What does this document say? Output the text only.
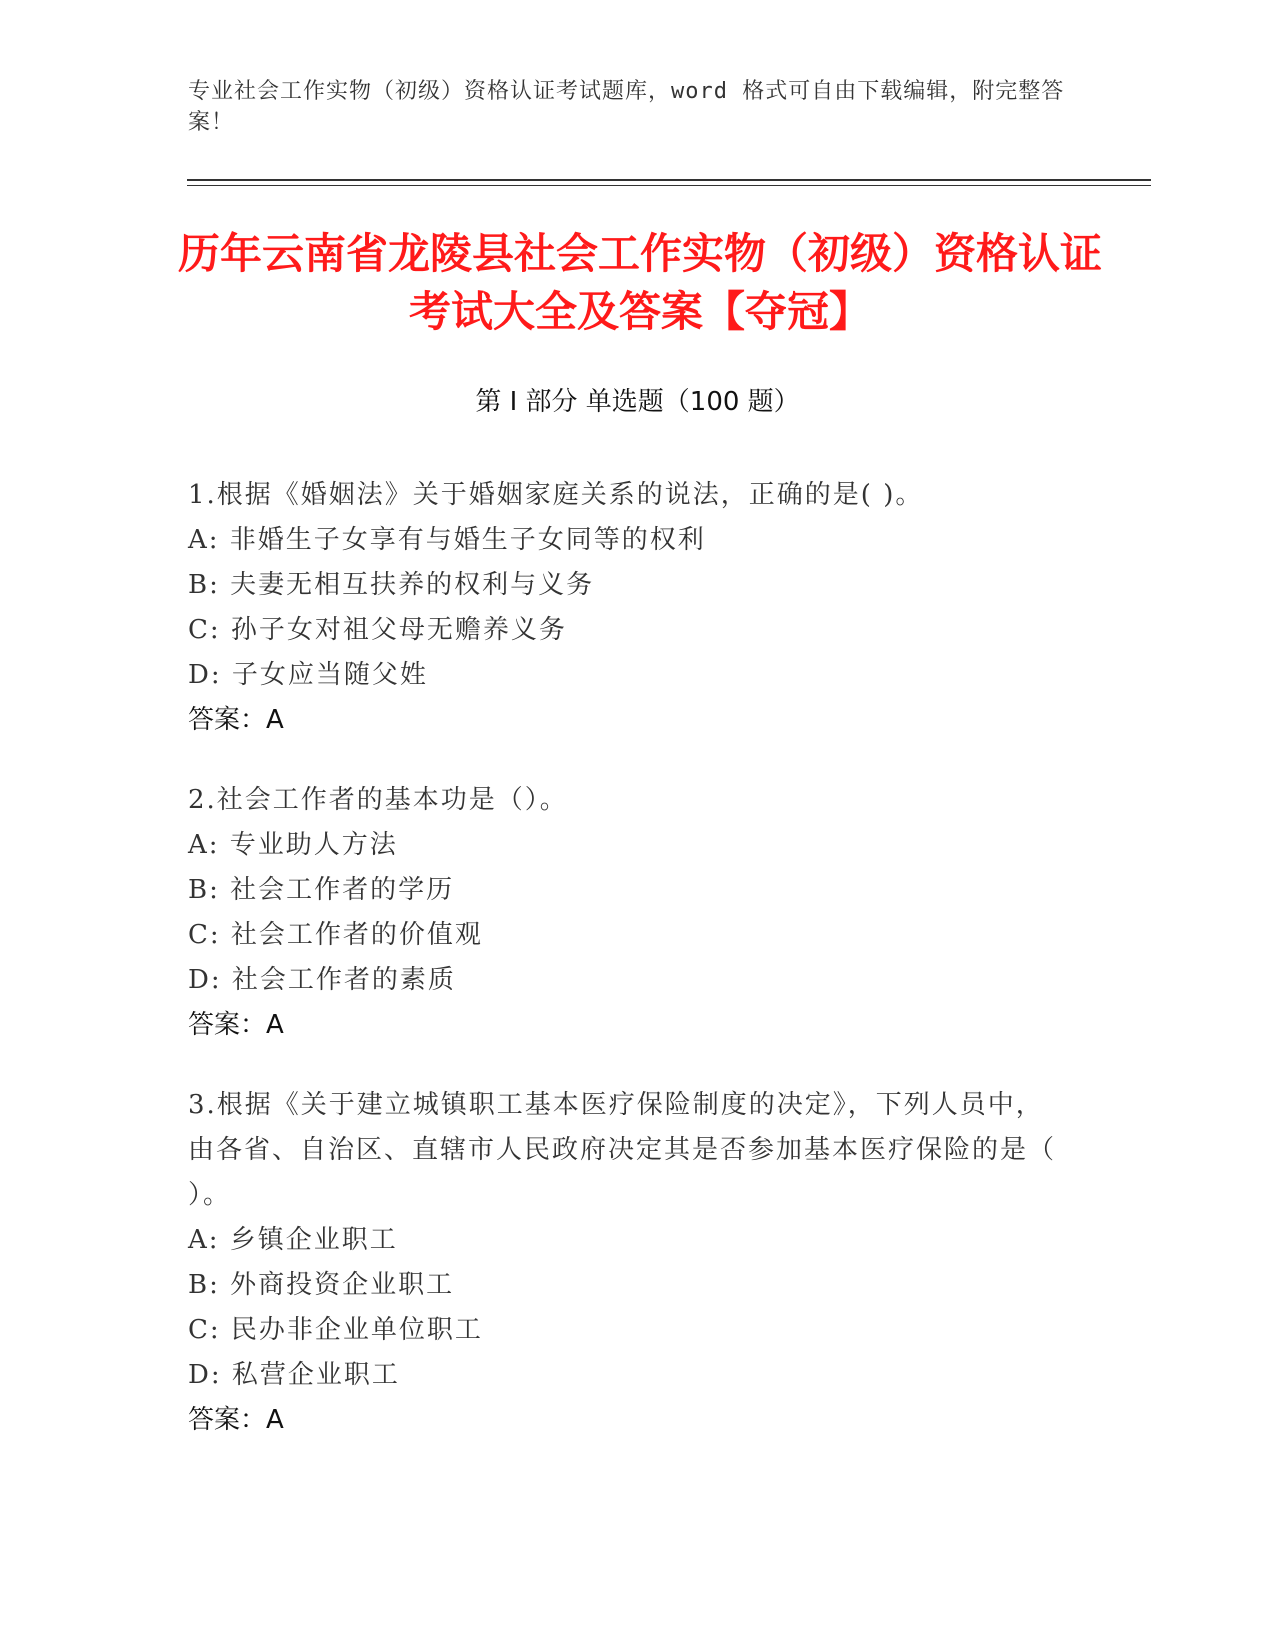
专业社会工作实物（初级）资格认证考试题库，word 格式可自由下载编辑，附完整答案！
历年云南省龙陵县社会工作实物（初级）资格认证考试大全及答案【夺冠】
第 I 部分 单选题（100 题）
1.根据《婚姻法》关于婚姻家庭关系的说法，正确的是( )。
A: 非婚生子女享有与婚生子女同等的权利
B: 夫妻无相互扶养的权利与义务
C: 孙子女对祖父母无赡养义务
D: 子女应当随父姓
答案：A
2.社会工作者的基本功是（）。
A: 专业助人方法
B: 社会工作者的学历
C: 社会工作者的价值观
D: 社会工作者的素质
答案：A
3.根据《关于建立城镇职工基本医疗保险制度的决定》，下列人员中，由各省、自治区、直辖市人民政府决定其是否参加基本医疗保险的是（ ）。
A: 乡镇企业职工
B: 外商投资企业职工
C: 民办非企业单位职工
D: 私营企业职工
答案：A
